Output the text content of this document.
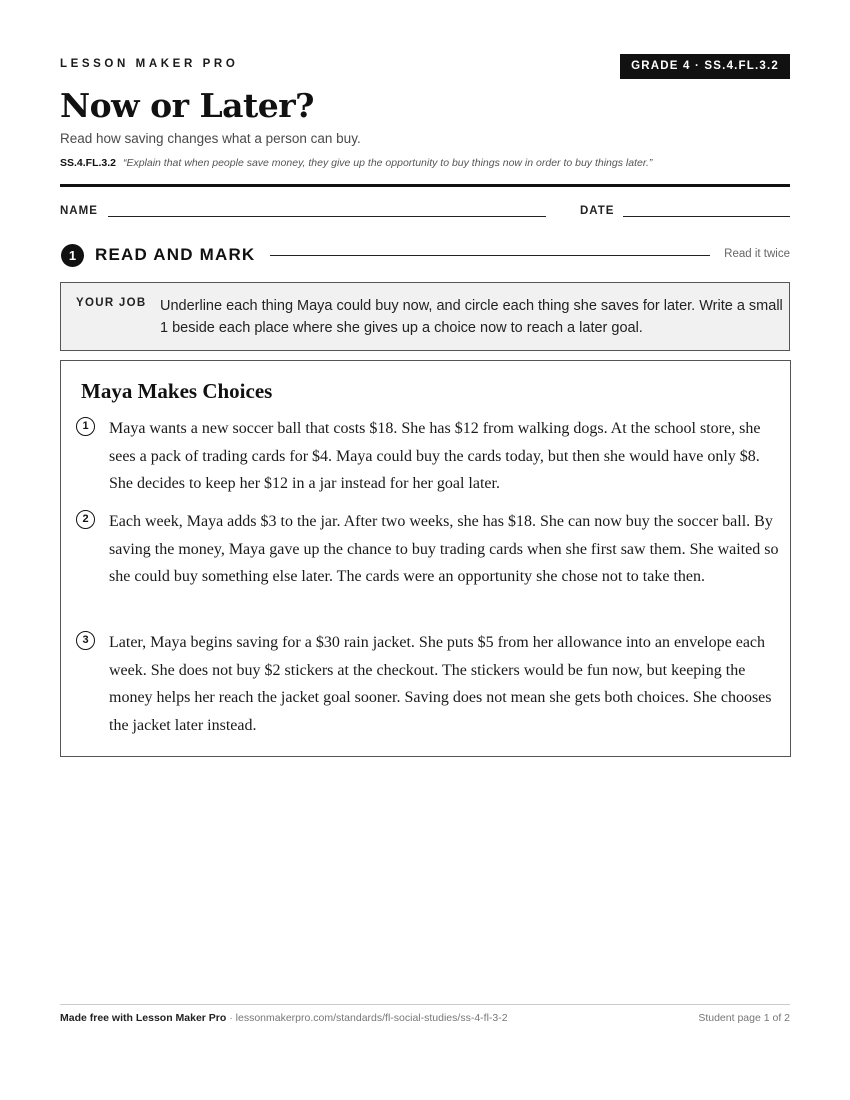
LESSON MAKER PRO	GRADE 4 · SS.4.FL.3.2
Now or Later?
Read how saving changes what a person can buy.
SS.4.FL.3.2 “Explain that when people save money, they give up the opportunity to buy things now in order to buy things later.”
NAME	DATE
1	READ AND MARK	Read it twice
YOUR JOB Underline each thing Maya could buy now, and circle each thing she saves for later. Write a small 1 beside each place where she gives up a choice now to reach a later goal.
Maya Makes Choices
1	Maya wants a new soccer ball that costs $18. She has $12 from walking dogs. At the school store, she sees a pack of trading cards for $4. Maya could buy the cards today, but then she would have only $8. She decides to keep her $12 in a jar instead for her goal later.
2	Each week, Maya adds $3 to the jar. After two weeks, she has $18. She can now buy the soccer ball. By saving the money, Maya gave up the chance to buy trading cards when she first saw them. She waited so she could buy something else later. The cards were an opportunity she chose not to take then.
3	Later, Maya begins saving for a $30 rain jacket. She puts $5 from her allowance into an envelope each week. She does not buy $2 stickers at the checkout. The stickers would be fun now, but keeping the money helps her reach the jacket goal sooner. Saving does not mean she gets both choices. She chooses the jacket later instead.
Made free with Lesson Maker Pro · lessonmakerpro.com/standards/fl-social-studies/ss-4-fl-3-2	Student page 1 of 2
